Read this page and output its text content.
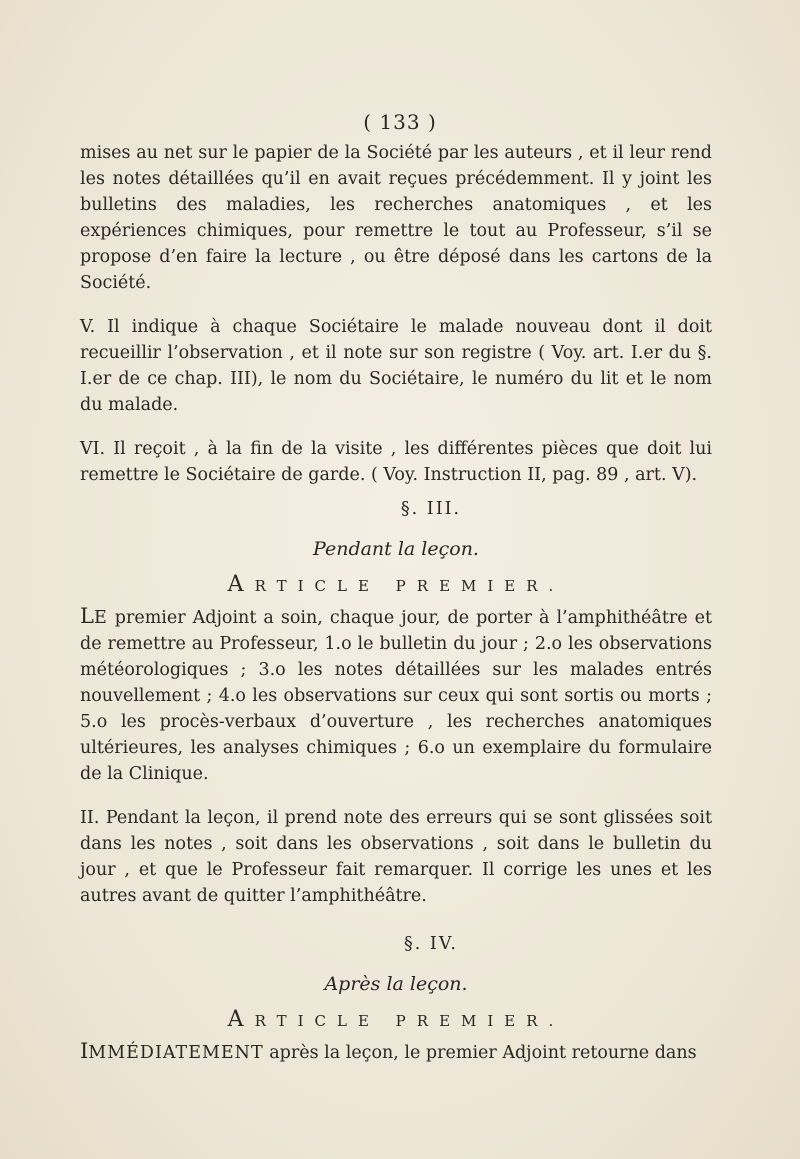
( 133 )

mises au net sur le papier de la Société par les auteurs , et il leur rend les notes détaillées qu’il en avait reçues précédemment. Il y joint les bulletins des maladies, les recherches anatomiques , et les expériences chimiques, pour remettre le tout au Professeur, s’il se propose d’en faire la lecture , ou être déposé dans les cartons de la Société.

V. Il indique à chaque Sociétaire le malade nouveau dont il doit recueillir l’observation , et il note sur son registre ( Voy. art. I.er du §. I.er de ce chap. III), le nom du Sociétaire, le numéro du lit et le nom du malade.

VI. Il reçoit , à la fin de la visite , les différentes pièces que doit lui remettre le Sociétaire de garde. ( Voy. Instruction II, pag. 89 , art. V).

§. III.
Pendant la leçon.
ARTICLE PREMIER.

LE premier Adjoint a soin, chaque jour, de porter à l’amphithéâtre et de remettre au Professeur, 1.o le bulletin du jour ; 2.o les observations météorologiques ; 3.o les notes détaillées sur les malades entrés nouvellement ; 4.o les observations sur ceux qui sont sortis ou morts ; 5.o les procès-verbaux d’ouverture , les recherches anatomiques ultérieures, les analyses chimiques ; 6.o un exemplaire du formulaire de la Clinique.

II. Pendant la leçon, il prend note des erreurs qui se sont glissées soit dans les notes , soit dans les observations , soit dans le bulletin du jour , et que le Professeur fait remarquer. Il corrige les unes et les autres avant de quitter l’amphithéâtre.

§. IV.
Après la leçon.
ARTICLE PREMIER.

IMMÉDIATEMENT après la leçon, le premier Adjoint retourne dans
